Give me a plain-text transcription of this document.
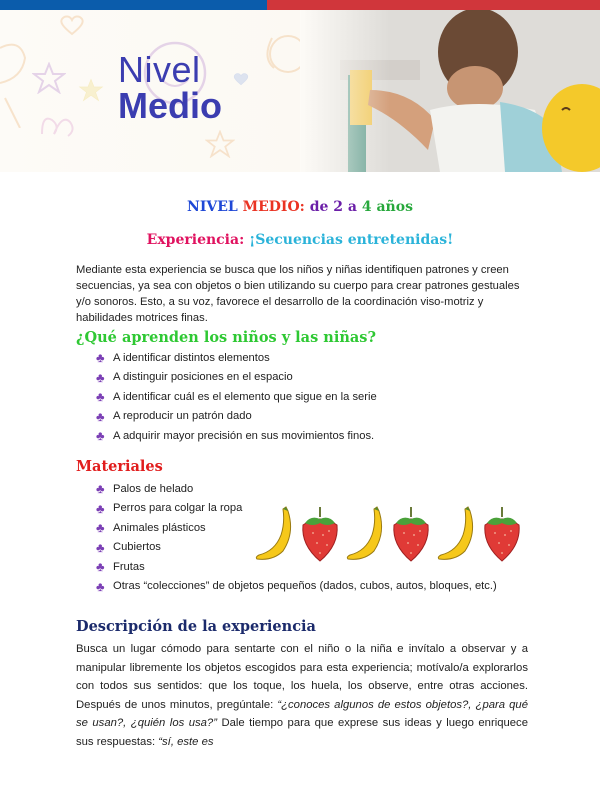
Nivel
Medio
NIVEL MEDIO: de 2 a 4 años
Experiencia: ¡Secuencias entretenidas!

Mediante esta experiencia se busca que los niños y niñas identifiquen patrones y creen secuencias, ya sea con objetos o bien utilizando su cuerpo para crear patrones gestuales y/o sonoros. Esto, a su voz, favorece el desarrollo de la coordinación viso-motriz y habilidades motrices finas.

¿Qué aprenden los niños y las niñas?
♣ A identificar distintos elementos
♣ A distinguir posiciones en el espacio
♣ A identificar cuál es el elemento que sigue en la serie
♣ A reproducir un patrón dado
♣ A adquirir mayor precisión en sus movimientos finos.
Materiales
♣ Palos de helado
♣ Perros para colgar la ropa
♣ Animales plásticos
♣ Cubiertos
♣ Frutas
♣ Otras “colecciones” de objetos pequeños (dados, cubos, autos, bloques, etc.)
Descripción de la experiencia

Busca un lugar cómodo para sentarte con el niño o la niña e invítalo a observar y a manipular libremente los objetos escogidos para esta experiencia; motívalo/a explorarlos con todos sus sentidos: que los toque, los huela, los observe, entre otras acciones. Después de unos minutos, pregúntale: “¿conoces algunos de estos objetos?, ¿para qué se usan?, ¿quién los usa?” Dale tiempo para que exprese sus ideas y luego enriquece sus respuestas: “sí, este es
